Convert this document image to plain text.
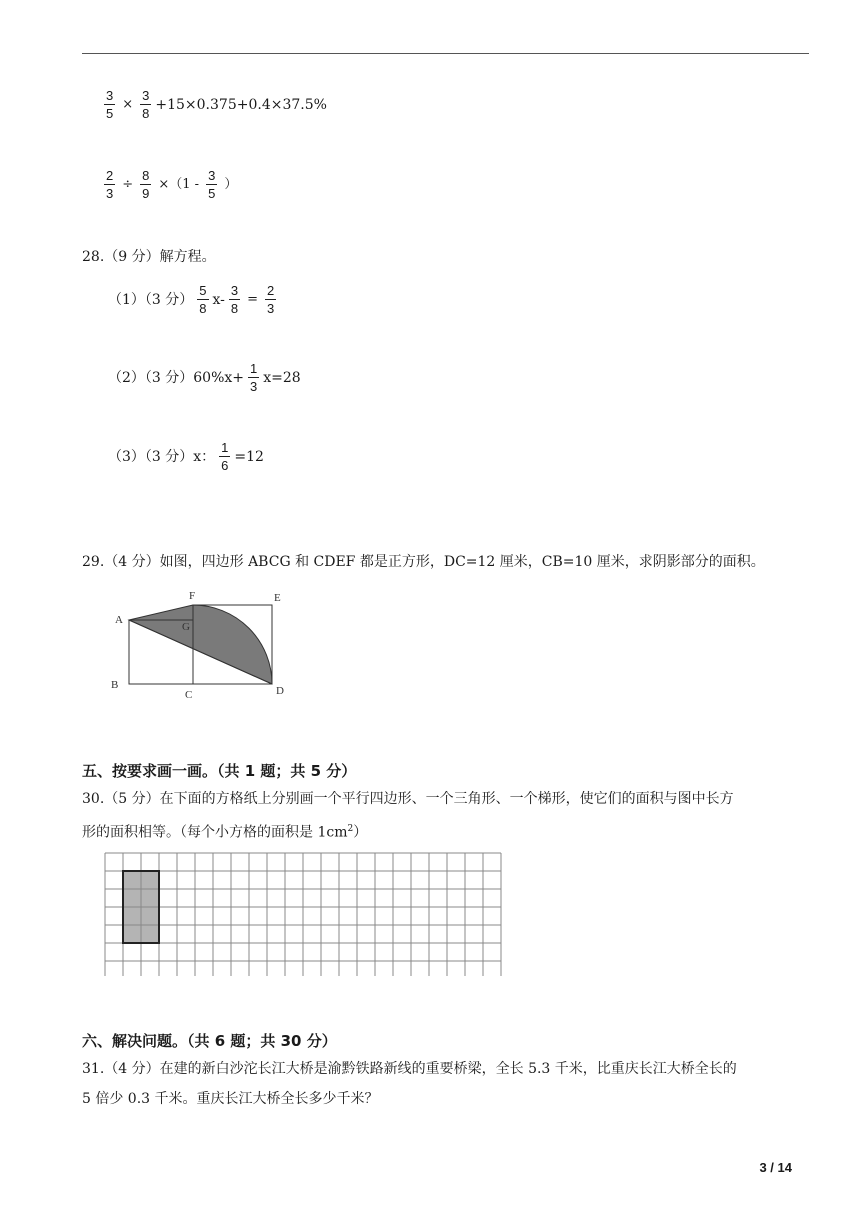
$\frac{3}{5} \times \frac{3}{8} +15\times 0.375+0.4\times 37.5\%$
$\frac{2}{3} \div \frac{8}{9} \times(1 - \frac{3}{5}$ ）
28.（9 分）解方程。
（1）（3 分） $\frac{5}{8} x- \frac{3}{8} = \frac{2}{3}$
（2）（3 分）$60\%x+ \frac{1}{3} x=28$
（3）（3 分）x： $\frac{1}{6} =12$
29.（4 分）如图，四边形 ABCG 和 CDEF 都是正方形，DC=12 厘米，CB=10 厘米，求阴影部分的面积。
A
B
C	D
E
F
G
五、按要求画一画。（共 1 题；共 5 分）
30.（5 分）在下面的方格纸上分别画一个平行四边形、一个三角形、一个梯形，使它们的面积与图中长方
形的面积相等。（每个小方格的面积是 $1cm^2$）
六、解决问题。（共 6 题；共 30 分）
31.（4 分）在建的新白沙沱长江大桥是渝黔铁路新线的重要桥梁，全长 5.3 千米，比重庆长江大桥全长的
5 倍少 0.3 千米。重庆长江大桥全长多少千米？
3 / 14
